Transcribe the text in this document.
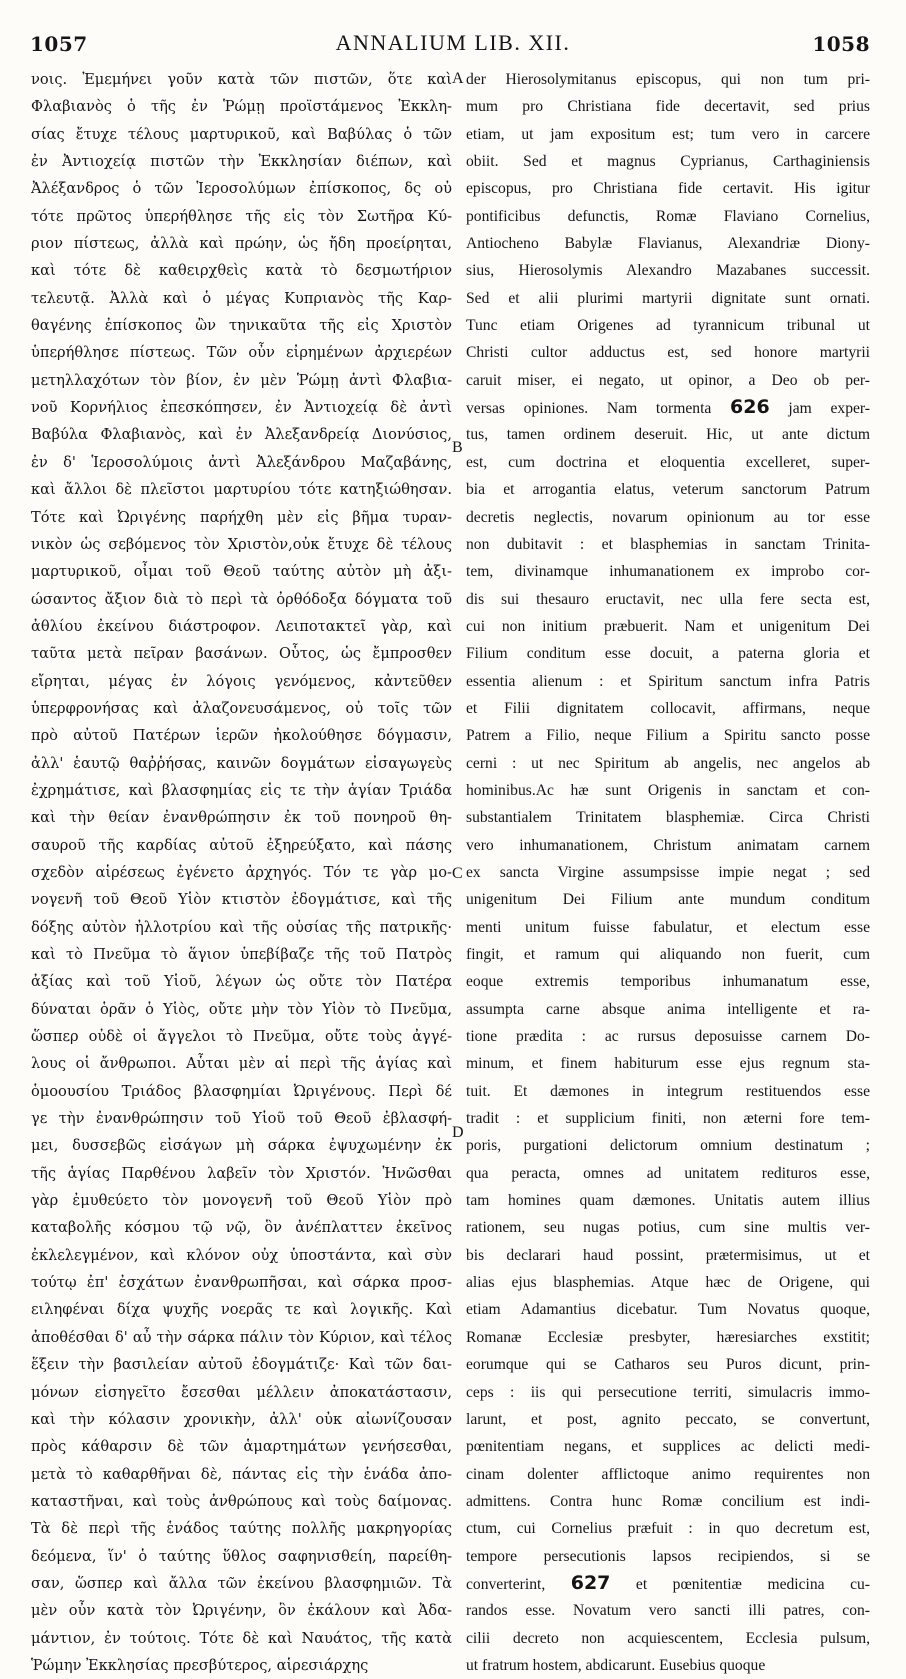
1057	ANNALIUM LIB. XII.	1058
νοις. Ἐμεμήνει γοῦν κατὰ τῶν πιστῶν, ὅτε καὶ
Φλαβιανὸς ὁ τῆς ἐν Ῥώμῃ προϊστάμενος Ἐκκλη-
σίας ἔτυχε τέλους μαρτυρικοῦ, καὶ Βαβύλας ὁ τῶν
ἐν Ἀντιοχείᾳ πιστῶν τὴν Ἐκκλησίαν διέπων, καὶ
Ἀλέξανδρος ὁ τῶν Ἱεροσολύμων ἐπίσκοπος, δς οὐ
τότε πρῶτος ὑπερήθλησε τῆς εἰς τὸν Σωτῆρα Κύ-
ριον πίστεως, ἀλλὰ καὶ πρώην, ὡς ἤδη προείρηται,
καὶ τότε δὲ καθειρχθεὶς κατὰ τὸ δεσμωτήριον
τελευτᾷ. Ἀλλὰ καὶ ὁ μέγας Κυπριανὸς τῆς Καρ-
θαγένης ἐπίσκοπος ὢν τηνικαῦτα τῆς εἰς Χριστὸν
ὑπερήθλησε πίστεως. Τῶν οὖν εἰρημένων ἀρχιερέων
μετηλλαχότων τὸν βίον, ἐν μὲν Ῥώμῃ ἀντὶ Φλαβια-
νοῦ Κορνήλιος ἐπεσκόπησεν, ἐν Ἀντιοχείᾳ δὲ ἀντὶ
Βαβύλα Φλαβιανὸς, καὶ ἐν Ἀλεξανδρείᾳ Διονύσιος,
ἐν δ' Ἱεροσολύμοις ἀντὶ Ἀλεξάνδρου Μαζαβάνης,
καὶ ἄλλοι δὲ πλεῖστοι μαρτυρίου τότε κατηξιώθησαν.
Τότε καὶ Ὠριγένης παρήχθη μὲν εἰς βῆμα τυραν-
νικὸν ὡς σεβόμενος τὸν Χριστὸν,οὐκ ἔτυχε δὲ τέλους
μαρτυρικοῦ, οἶμαι τοῦ Θεοῦ ταύτης αὐτὸν μὴ ἀξι-
ώσαντος ἄξιον διὰ τὸ περὶ τὰ ὀρθόδοξα δόγματα τοῦ
ἀθλίου ἐκείνου διάστροφον. Λειποτακτεῖ γὰρ, καὶ
ταῦτα μετὰ πεῖραν βασάνων. Οὗτος, ὡς ἔμπροσθεν
εἴρηται, μέγας ἐν λόγοις γενόμενος, κἀντεῦθεν
ὑπερφρονήσας καὶ ἀλαζονευσάμενος, οὐ τοῖς τῶν
πρὸ αὐτοῦ Πατέρων ἱερῶν ἠκολούθησε δόγμασιν,
ἀλλ' ἑαυτῷ θαῤῥήσας, καινῶν δογμάτων εἰσαγωγεὺς
ἐχρημάτισε, καὶ βλασφημίας εἰς τε τὴν ἁγίαν Τριάδα
καὶ τὴν θείαν ἐνανθρώπησιν ἐκ τοῦ πονηροῦ θη-
σαυροῦ τῆς καρδίας αὐτοῦ ἐξηρεύξατο, καὶ πάσης
σχεδὸν αἱρέσεως ἐγένετο ἀρχηγός. Τόν τε γὰρ μο-
νογενῆ τοῦ Θεοῦ Υἱὸν κτιστὸν ἐδογμάτισε, καὶ τῆς
δόξης αὐτὸν ἠλλοτρίου καὶ τῆς οὐσίας τῆς πατρικῆς·
καὶ τὸ Πνεῦμα τὸ ἅγιον ὑπεβίβαζε τῆς τοῦ Πατρὸς
ἀξίας καὶ τοῦ Υἱοῦ, λέγων ὡς οὔτε τὸν Πατέρα
δύναται ὁρᾶν ὁ Υἱὸς, οὔτε μὴν τὸν Υἱὸν τὸ Πνεῦμα,
ὥσπερ οὐδὲ οἱ ἄγγελοι τὸ Πνεῦμα, οὔτε τοὺς ἀγγέ-
λους οἱ ἄνθρωποι. Αὗται μὲν αἱ περὶ τῆς ἁγίας καὶ
ὁμοουσίου Τριάδος βλασφημίαι Ὠριγένους. Περὶ δέ
γε τὴν ἐνανθρώπησιν τοῦ Υἱοῦ τοῦ Θεοῦ ἐβλασφή-
μει, δυσσεβῶς εἰσάγων μὴ σάρκα ἐψυχωμένην ἐκ
τῆς ἁγίας Παρθένου λαβεῖν τὸν Χριστόν. Ἠνῶσθαι
γὰρ ἐμυθεύετο τὸν μονογενῆ τοῦ Θεοῦ Υἱὸν πρὸ
καταβολῆς κόσμου τῷ νῷ, ὃν ἀνέπλαττεν ἐκεῖνος
ἐκλελεγμένον, καὶ κλόνον οὐχ ὑποστάντα, καὶ σὺν
τούτῳ ἐπ' ἐσχάτων ἐνανθρωπῆσαι, καὶ σάρκα προσ-
ειληφέναι δίχα ψυχῆς νοερᾶς τε καὶ λογικῆς. Καὶ
ἀποθέσθαι δ' αὖ τὴν σάρκα πάλιν τὸν Κύριον, καὶ τέλος
ἕξειν τὴν βασιλείαν αὐτοῦ ἐδογμάτιζε· Καὶ τῶν δαι-
μόνων εἰσηγεῖτο ἔσεσθαι μέλλειν ἀποκατάστασιν,
καὶ τὴν κόλασιν χρονικὴν, ἀλλ' οὐκ αἰωνίζουσαν
πρὸς κάθαρσιν δὲ τῶν ἁμαρτημάτων γενήσεσθαι,
μετὰ τὸ καθαρθῆναι δὲ, πάντας εἰς τὴν ἑνάδα ἀπο-
καταστῆναι, καὶ τοὺς ἀνθρώπους καὶ τοὺς δαίμονας.
Τὰ δὲ περὶ τῆς ἑνάδος ταύτης πολλῆς μακρηγορίας
δεόμενα, ἵν' ὁ ταύτης ὕθλος σαφηνισθείη, παρείθη-
σαν, ὥσπερ καὶ ἄλλα τῶν ἐκείνου βλασφημιῶν. Τὰ
μὲν οὖν κατὰ τὸν Ὠριγένην, ὃν ἐκάλουν καὶ Ἀδα-
μάντιον, ἐν τούτοις. Τότε δὲ καὶ Ναυάτος, τῆς κατὰ
Ῥώμην Ἐκκλησίας πρεσβύτερος, αἱρεσιάρχης
der Hierosolymitanus episcopus, qui non tum pri-
mum pro Christiana fide decertavit, sed prius
etiam, ut jam expositum est; tum vero in carcere
obiit. Sed et magnus Cyprianus, Carthaginiensis
episcopus, pro Christiana fide certavit. His igitur
pontificibus defunctis, Romæ Flaviano Cornelius,
Antiocheno Babylæ Flavianus, Alexandriæ Diony-
sius, Hierosolymis Alexandro Mazabanes successit.
Sed et alii plurimi martyrii dignitate sunt ornati.
Tunc etiam Origenes ad tyrannicum tribunal ut
Christi cultor adductus est, sed honore martyrii
caruit miser, ei negato, ut opinor, a Deo ob per-
versas opiniones. Nam tormenta 626 jam exper-
tus, tamen ordinem deseruit. Hic, ut ante dictum
est, cum doctrina et eloquentia excelleret, super-
bia et arrogantia elatus, veterum sanctorum Patrum
decretis neglectis, novarum opinionum au tor esse
non dubitavit : et blasphemias in sanctam Trinita-
tem, divinamque inhumanationem ex improbo cor-
dis sui thesauro eructavit, nec ulla fere secta est,
cui non initium præbuerit. Nam et unigenitum Dei
Filium conditum esse docuit, a paterna gloria et
essentia alienum : et Spiritum sanctum infra Patris
et Filii dignitatem collocavit, affirmans, neque
Patrem a Filio, neque Filium a Spiritu sancto posse
cerni : ut nec Spiritum ab angelis, nec angelos ab
hominibus.Ac hæ sunt Origenis in sanctam et con-
substantialem Trinitatem blasphemiæ. Circa Christi
vero inhumanationem, Christum animatam carnem
ex sancta Virgine assumpsisse impie negat ; sed
unigenitum Dei Filium ante mundum conditum
menti unitum fuisse fabulatur, et electum esse
fingit, et ramum qui aliquando non fuerit, cum
eoque extremis temporibus inhumanatum esse,
assumpta carne absque anima intelligente et ra-
tione prædita : ac rursus deposuisse carnem Do-
minum, et finem habiturum esse ejus regnum sta-
tuit. Et dæmones in integrum restituendos esse
tradit : et supplicium finiti, non æterni fore tem-
poris, purgationi delictorum omnium destinatum ;
qua peracta, omnes ad unitatem redituros esse,
tam homines quam dæmones. Unitatis autem illius
rationem, seu nugas potius, cum sine multis ver-
bis declarari haud possint, prætermisimus, ut et
alias ejus blasphemias. Atque hæc de Origene, qui
etiam Adamantius dicebatur. Tum Novatus quoque,
Romanæ Ecclesiæ presbyter, hæresiarches exstitit;
eorumque qui se Catharos seu Puros dicunt, prin-
ceps : iis qui persecutione territi, simulacris immo-
larunt, et post, agnito peccato, se convertunt,
pœnitentiam negans, et supplices ac delicti medi-
cinam dolenter afflictoque animo requirentes non
admittens. Contra hunc Romæ concilium est indi-
ctum, cui Cornelius præfuit : in quo decretum est,
tempore persecutionis lapsos recipiendos, si se
converterint, 627 et pœnitentiæ medicina cu-
randos esse. Novatum vero sancti illi patres, con-
cilii decreto non acquiescentem, Ecclesia pulsum,
ut fratrum hostem, abdicarunt. Eusebius quoque
A
B
C
D
